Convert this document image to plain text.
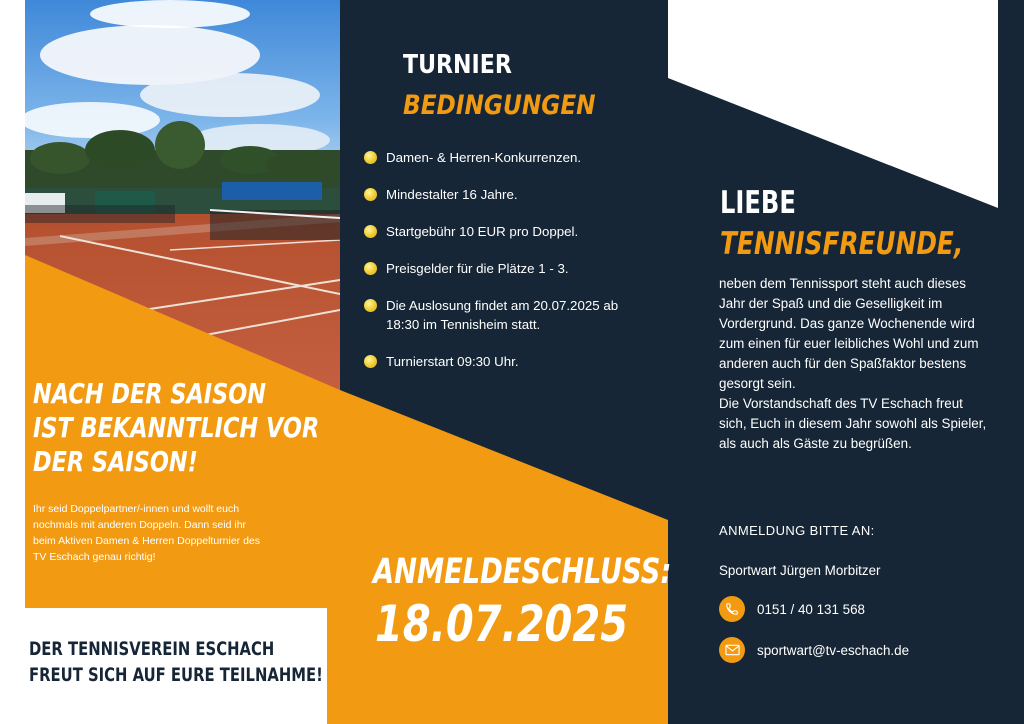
TURNIER
BEDINGUNGEN
Damen- & Herren-Konkurrenzen.
Mindestalter 16 Jahre.
Startgebühr 10 EUR pro Doppel.
Preisgelder für die Plätze 1 - 3.
Die Auslosung findet am 20.07.2025 ab 18:30 im Tennisheim statt.
Turnierstart 09:30 Uhr.
NACH DER SAISON
IST BEKANNTLICH VOR
DER SAISON!
Ihr seid Doppelpartner/-innen und wollt euch nochmals mit anderen Doppeln. Dann seid ihr beim Aktiven Damen & Herren Doppelturnier des TV Eschach genau richtig!
DER TENNISVEREIN ESCHACH
FREUT SICH AUF EURE TEILNAHME!
ANMELDESCHLUSS:
18.07.2025
LIEBE
TENNISFREUNDE,

neben dem Tennissport steht auch dieses Jahr der Spaß und die Geselligkeit im Vordergrund. Das ganze Wochenende wird zum einen für euer leibliches Wohl und zum anderen auch für den Spaßfaktor bestens gesorgt sein.

Die Vorstandschaft des TV Eschach freut sich, Euch in diesem Jahr sowohl als Spieler, als auch als Gäste zu begrüßen.

ANMELDUNG BITTE AN:
Sportwart Jürgen Morbitzer
0151 / 40 131 568
sportwart@tv-eschach.de
